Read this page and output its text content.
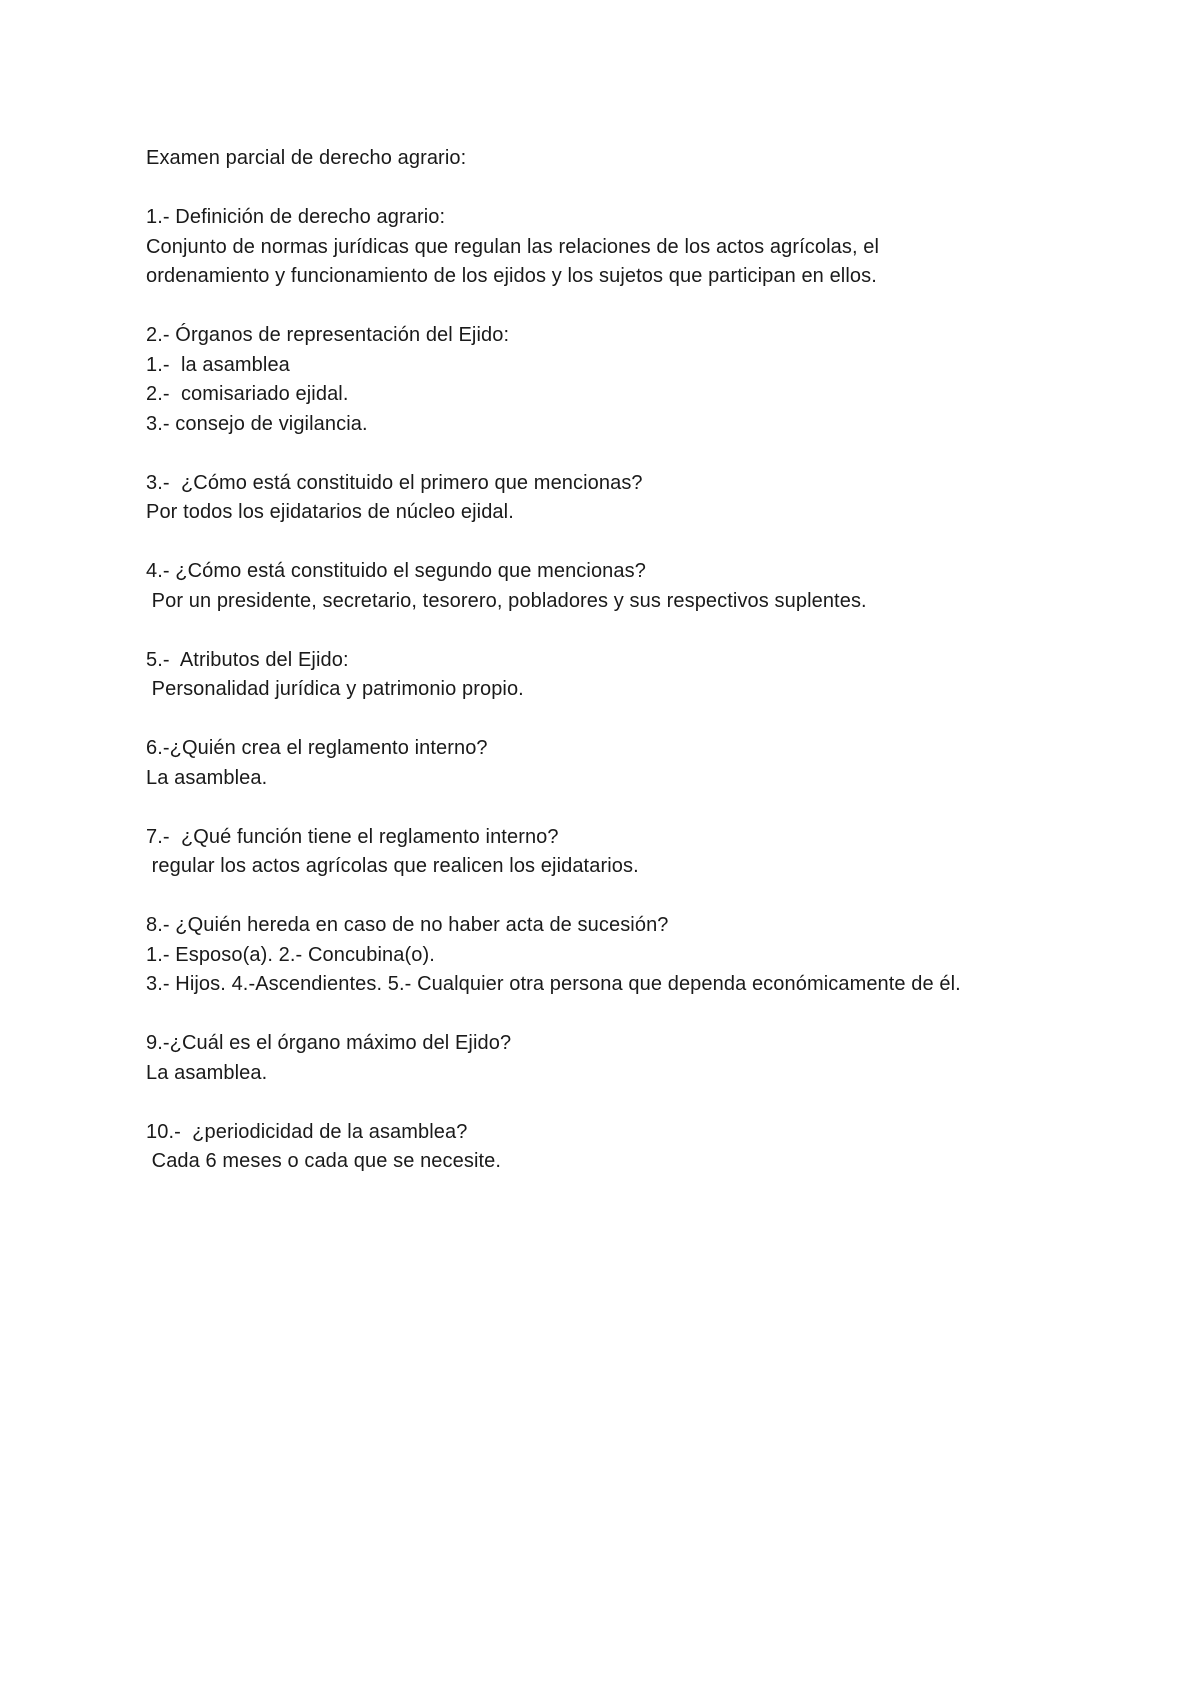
Examen parcial de derecho agrario:
1.- Definición de derecho agrario:
Conjunto de normas jurídicas que regulan las relaciones de los actos agrícolas, el
ordenamiento y funcionamiento de los ejidos y los sujetos que participan en ellos.
2.- Órganos de representación del Ejido:
1.-  la asamblea
2.-  comisariado ejidal.
3.- consejo de vigilancia.
3.-  ¿Cómo está constituido el primero que mencionas?
Por todos los ejidatarios de núcleo ejidal.
4.- ¿Cómo está constituido el segundo que mencionas?
Por un presidente, secretario, tesorero, pobladores y sus respectivos suplentes.
5.-  Atributos del Ejido:
Personalidad jurídica y patrimonio propio.
6.-¿Quién crea el reglamento interno?
La asamblea.
7.-  ¿Qué función tiene el reglamento interno?
regular los actos agrícolas que realicen los ejidatarios.
8.- ¿Quién hereda en caso de no haber acta de sucesión?
1.- Esposo(a). 2.- Concubina(o).
3.- Hijos. 4.-Ascendientes. 5.- Cualquier otra persona que dependa económicamente de él.
9.-¿Cuál es el órgano máximo del Ejido?
La asamblea.
10.-  ¿periodicidad de la asamblea?
Cada 6 meses o cada que se necesite.
